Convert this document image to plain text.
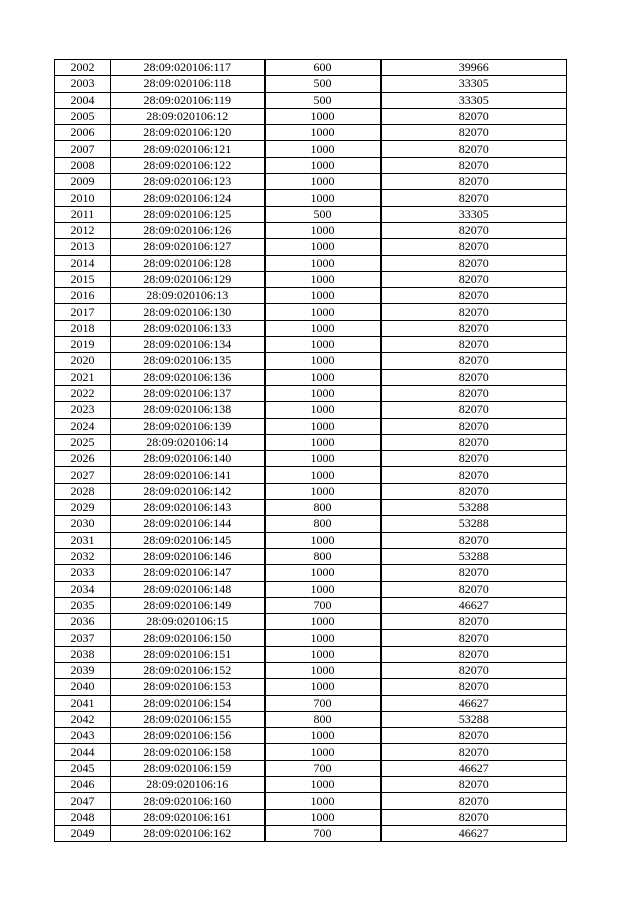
2002	28:09:020106:117	600	39966
2003	28:09:020106:118	500	33305
2004	28:09:020106:119	500	33305
2005	28:09:020106:12	1000	82070
2006	28:09:020106:120	1000	82070
2007	28:09:020106:121	1000	82070
2008	28:09:020106:122	1000	82070
2009	28:09:020106:123	1000	82070
2010	28:09:020106:124	1000	82070
2011	28:09:020106:125	500	33305
2012	28:09:020106:126	1000	82070
2013	28:09:020106:127	1000	82070
2014	28:09:020106:128	1000	82070
2015	28:09:020106:129	1000	82070
2016	28:09:020106:13	1000	82070
2017	28:09:020106:130	1000	82070
2018	28:09:020106:133	1000	82070
2019	28:09:020106:134	1000	82070
2020	28:09:020106:135	1000	82070
2021	28:09:020106:136	1000	82070
2022	28:09:020106:137	1000	82070
2023	28:09:020106:138	1000	82070
2024	28:09:020106:139	1000	82070
2025	28:09:020106:14	1000	82070
2026	28:09:020106:140	1000	82070
2027	28:09:020106:141	1000	82070
2028	28:09:020106:142	1000	82070
2029	28:09:020106:143	800	53288
2030	28:09:020106:144	800	53288
2031	28:09:020106:145	1000	82070
2032	28:09:020106:146	800	53288
2033	28:09:020106:147	1000	82070
2034	28:09:020106:148	1000	82070
2035	28:09:020106:149	700	46627
2036	28:09:020106:15	1000	82070
2037	28:09:020106:150	1000	82070
2038	28:09:020106:151	1000	82070
2039	28:09:020106:152	1000	82070
2040	28:09:020106:153	1000	82070
2041	28:09:020106:154	700	46627
2042	28:09:020106:155	800	53288
2043	28:09:020106:156	1000	82070
2044	28:09:020106:158	1000	82070
2045	28:09:020106:159	700	46627
2046	28:09:020106:16	1000	82070
2047	28:09:020106:160	1000	82070
2048	28:09:020106:161	1000	82070
2049	28:09:020106:162	700	46627
